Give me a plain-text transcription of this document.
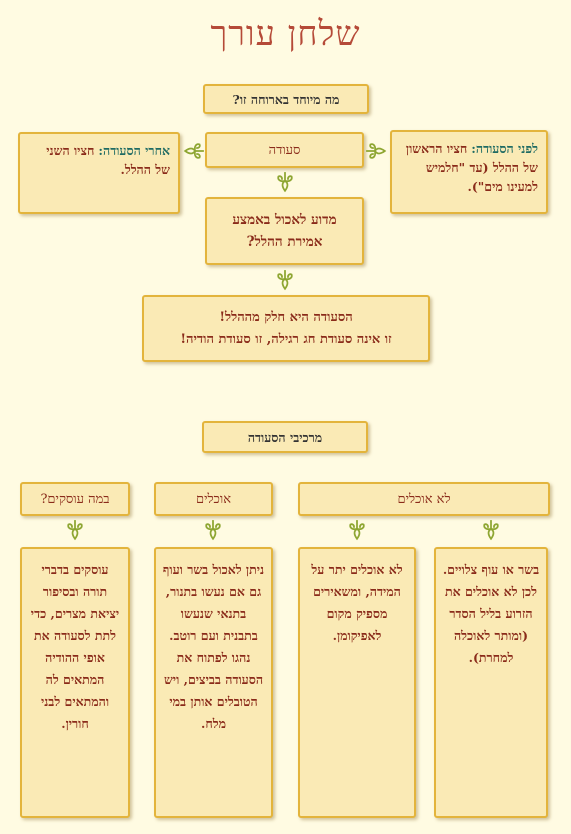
שלחן עורך
מה מיוחד בארוחה זו?
סעודה	לפני הסעודה: חציו הראשון של ההלל (עד "חלמיש למעינו מים").
אחרי הסעודה: חציו השני של ההלל.
מדוע לאכול באמצע אמירת ההלל?
הסעודה היא חלק מההלל!
זו אינה סעודת חג רגילה, זו סעודת הודיה!
מרכיבי הסעודה
לא אוכלים
אוכלים
במה עוסקים?
בשר או עוף צלויים. לכן לא אוכלים את הזרוע בליל הסדר (ומותר לאוכלה למחרת).
לא אוכלים יתר על המידה, ומשאירים מספיק מקום לאפיקומן.
ניתן לאכול בשר ועוף גם אם נעשו בתנור, בתנאי שנעשו בתבנית ועם רוטב. נהגו לפתוח את הסעודה בביצים, ויש הטובלים אותן במי מלח.
עוסקים בדברי תורה ובסיפור יציאת מצרים, כדי לתת לסעודה את אופי ההודיה המתאים לה והמתאים לבני חורין.
